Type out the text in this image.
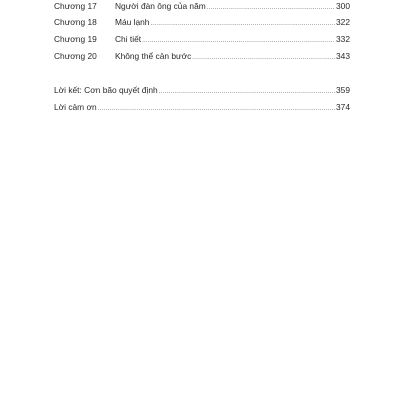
Chương 17	Người đàn ông của năm .....	300
Chương 18	Máu lạnh .....	322
Chương 19	Chi tiết .....	332
Chương 20	Không thể cản bước .....	343
Lời kết: Cơn bão quyết định .....	359
Lời cảm ơn .....	374
